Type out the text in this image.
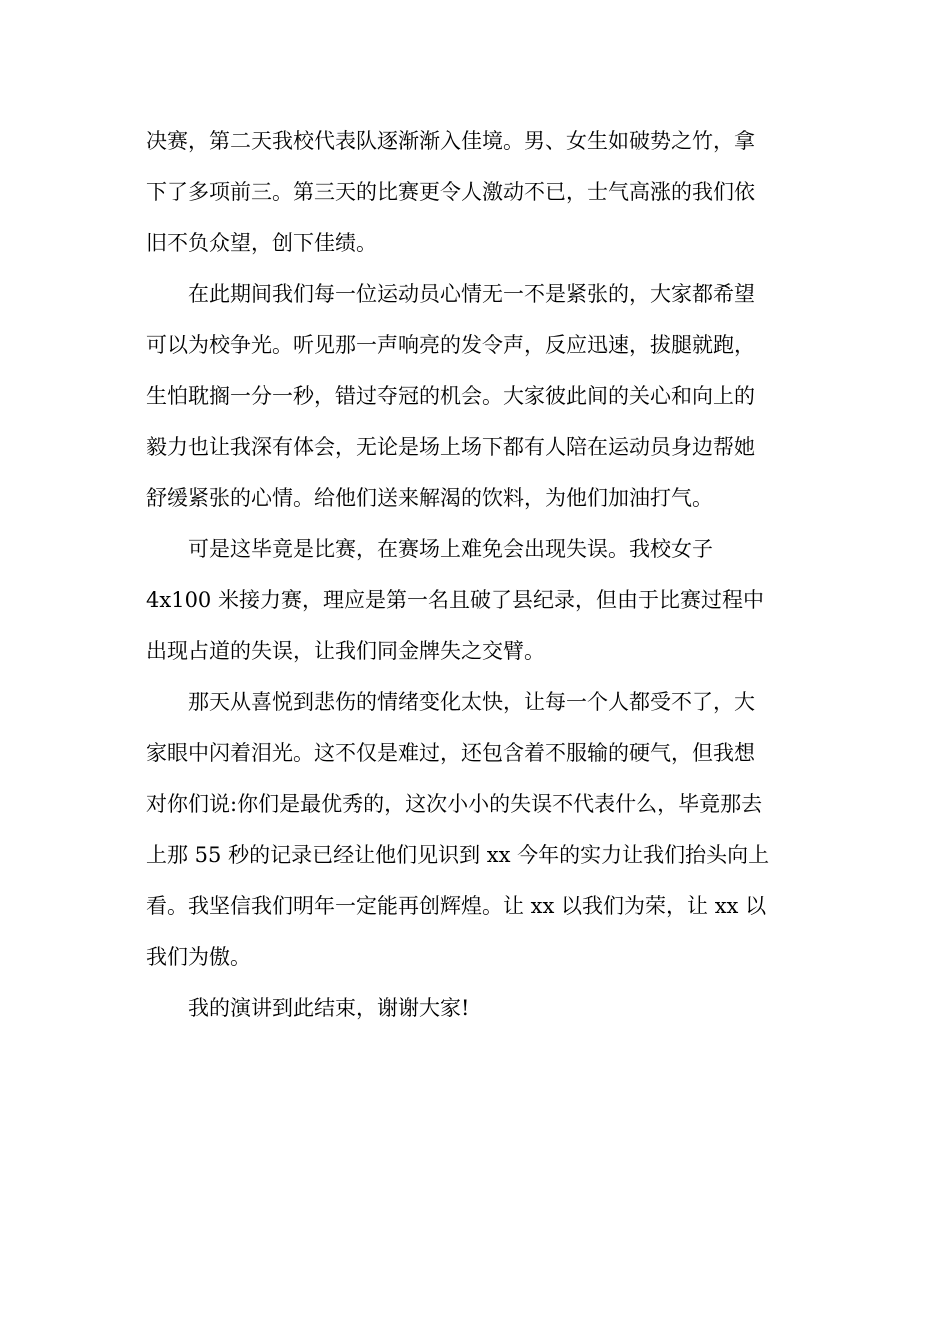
决赛，第二天我校代表队逐渐渐入佳境。男、女生如破势之竹，拿
下了多项前三。第三天的比赛更令人激动不已，士气高涨的我们依
旧不负众望，创下佳绩。

在此期间我们每一位运动员心情无一不是紧张的，大家都希望
可以为校争光。听见那一声响亮的发令声，反应迅速，拔腿就跑，
生怕耽搁一分一秒，错过夺冠的机会。大家彼此间的关心和向上的
毅力也让我深有体会，无论是场上场下都有人陪在运动员身边帮她
舒缓紧张的心情。给他们送来解渴的饮料，为他们加油打气。

可是这毕竟是比赛，在赛场上难免会出现失误。我校女子
4x100 米接力赛，理应是第一名且破了县纪录，但由于比赛过程中
出现占道的失误，让我们同金牌失之交臂。

那天从喜悦到悲伤的情绪变化太快，让每一个人都受不了，大
家眼中闪着泪光。这不仅是难过，还包含着不服输的硬气，但我想
对你们说:你们是最优秀的，这次小小的失误不代表什么，毕竟那去
上那 55 秒的记录已经让他们见识到 xx 今年的实力让我们抬头向上
看。我坚信我们明年一定能再创辉煌。让 xx 以我们为荣，让 xx 以
我们为傲。

我的演讲到此结束，谢谢大家!
